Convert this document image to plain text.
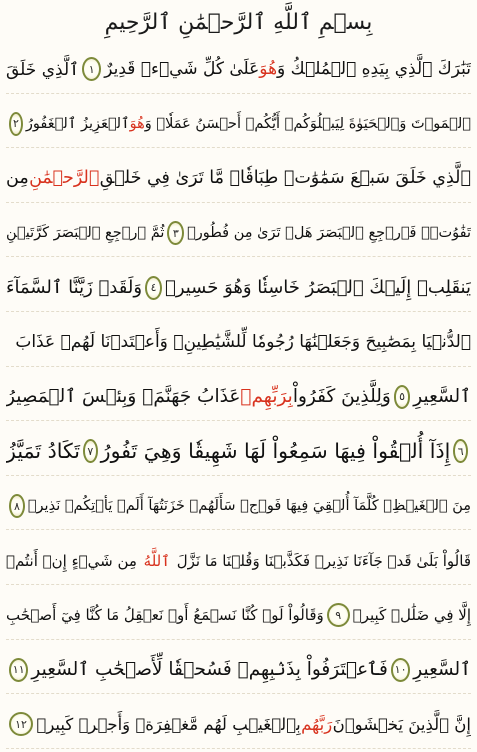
بِسۡمِ ٱللَّهِ ٱلرَّحۡمَٰنِ ٱلرَّحِيمِ
تَبَٰرَكَ ٱلَّذِي بِيَدِهِ ٱلۡمُلۡكُ وَ
هُوَ
عَلَىٰ كُلِّ شَيۡءٖ قَدِيرٌ
١
ٱلَّذِي خَلَقَ
ٱلۡمَوۡتَ وَٱلۡحَيَوٰةَ لِيَبۡلُوَكُمۡ أَيُّكُمۡ أَحۡسَنُ عَمَلٗاۚ وَ
هُوَ
ٱلۡعَزِيزُ ٱلۡغَفُورُ
٢
ٱلَّذِي خَلَقَ سَبۡعَ سَمَٰوَٰتٖ طِبَاقٗاۖ مَّا تَرَىٰ فِي خَلۡقِ
ٱلرَّحۡمَٰنِ
مِن
تَفَٰوُتٖۖ فَٱرۡجِعِ ٱلۡبَصَرَ هَلۡ تَرَىٰ مِن فُطُورٖ
٣
ثُمَّ ٱرۡجِعِ ٱلۡبَصَرَ كَرَّتَيۡنِ
يَنقَلِبۡ إِلَيۡكَ ٱلۡبَصَرُ خَاسِئٗا وَهُوَ حَسِيرٞ
٤
وَلَقَدۡ زَيَّنَّا ٱلسَّمَآءَ
ٱلدُّنۡيَا بِمَصَٰبِيحَ وَجَعَلۡنَٰهَا رُجُومٗا لِّلشَّيَٰطِينِۖ وَأَعۡتَدۡنَا لَهُمۡ عَذَابَ
ٱلسَّعِيرِ
٥
وَلِلَّذِينَ كَفَرُواْ
بِرَبِّهِمۡ
عَذَابُ جَهَنَّمَۖ وَبِئۡسَ ٱلۡمَصِيرُ
٦
إِذَآ أُلۡقُواْ فِيهَا سَمِعُواْ لَهَا شَهِيقٗا وَهِيَ تَفُورُ
٧
تَكَادُ تَمَيَّزُ
مِنَ ٱلۡغَيۡظِۖ كُلَّمَآ أُلۡقِيَ فِيهَا فَوۡجٞ سَأَلَهُمۡ خَزَنَتُهَآ أَلَمۡ يَأۡتِكُمۡ نَذِيرٞ
٨
قَالُواْ بَلَىٰ قَدۡ جَآءَنَا نَذِيرٞ فَكَذَّبۡنَا وَقُلۡنَا مَا نَزَّلَ
ٱللَّهُ
مِن شَيۡءٍ إِنۡ أَنتُمۡ
إِلَّا فِي ضَلَٰلٖ كَبِيرٖ
٩
وَقَالُواْ لَوۡ كُنَّا نَسۡمَعُ أَوۡ نَعۡقِلُ مَا كُنَّا فِيٓ أَصۡحَٰبِ
ٱلسَّعِيرِ
١٠
فَٱعۡتَرَفُواْ بِذَنۢبِهِمۡ فَسُحۡقٗا لِّأَصۡحَٰبِ ٱلسَّعِيرِ
١١
إِنَّ ٱلَّذِينَ يَخۡشَوۡنَ
رَبَّهُم
بِٱلۡغَيۡبِ لَهُم مَّغۡفِرَةٞ وَأَجۡرٞ كَبِيرٞ
١٢
